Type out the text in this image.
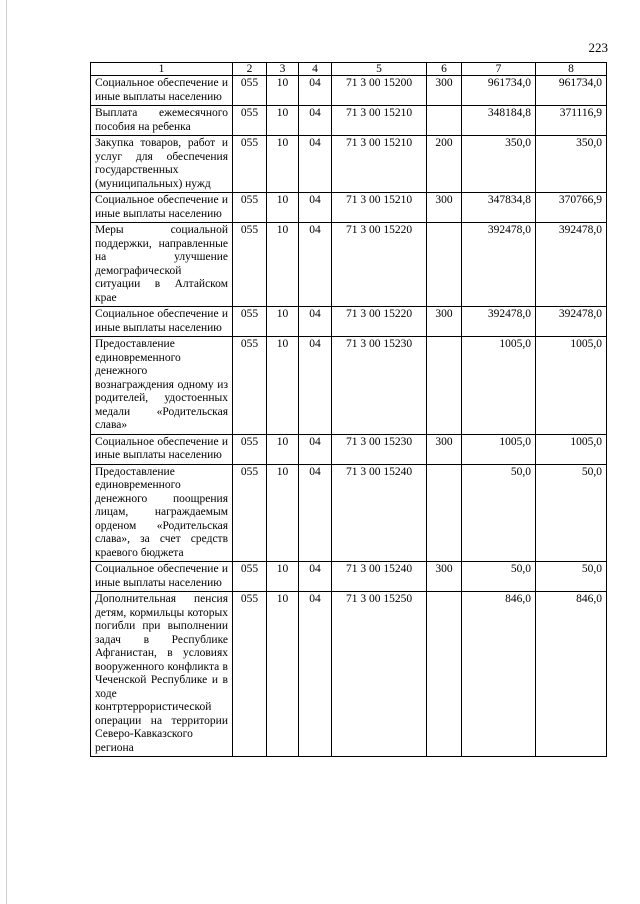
223
1	2	3	4	5	6	7	8
Социальное обеспечение и иные выплаты населению	055	10	04	71 3 00 15200	300	961734,0	961734,0
Выплата ежемесячного пособия на ребенка	055	10	04	71 3 00 15210		348184,8	371116,9
Закупка товаров, работ и услуг для обеспечения государственных (муниципальных) нужд	055	10	04	71 3 00 15210	200	350,0	350,0
Социальное обеспечение и иные выплаты населению	055	10	04	71 3 00 15210	300	347834,8	370766,9
Меры социальной поддержки, направленные на улучшение демографической ситуации в Алтайском крае	055	10	04	71 3 00 15220		392478,0	392478,0
Социальное обеспечение и иные выплаты населению	055	10	04	71 3 00 15220	300	392478,0	392478,0
Предоставление единовременного денежного вознаграждения одному из родителей, удостоенных медали «Родительская слава»	055	10	04	71 3 00 15230		1005,0	1005,0
Социальное обеспечение и иные выплаты населению	055	10	04	71 3 00 15230	300	1005,0	1005,0
Предоставление единовременного денежного поощрения лицам, награждаемым орденом «Родительская слава», за счет средств краевого бюджета	055	10	04	71 3 00 15240		50,0	50,0
Социальное обеспечение и иные выплаты населению	055	10	04	71 3 00 15240	300	50,0	50,0
Дополнительная пенсия детям, кормильцы которых погибли при выполнении задач в Республике Афганистан, в условиях вооруженного конфликта в Чеченской Республике и в ходе контртеррористической операции на территории Северо-Кавказского региона	055	10	04	71 3 00 15250		846,0	846,0
